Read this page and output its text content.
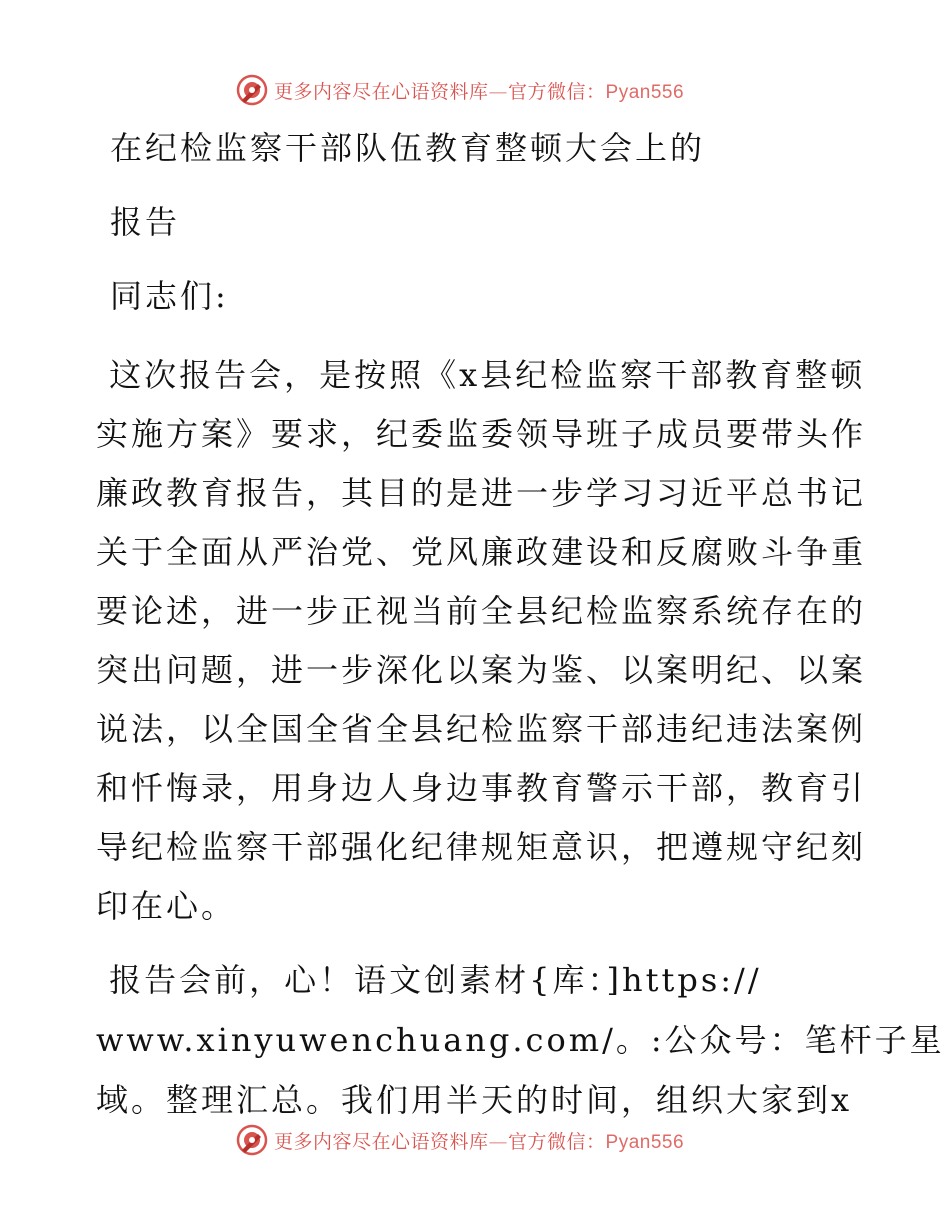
更多内容尽在心语资料库—官方微信：Pyan556

在纪检监察干部队伍教育整顿大会上的

报告

同志们:

这次报告会，是按照《x县纪检监察干部教育整顿

实施方案》要求，纪委监委领导班子成员要带头作

廉政教育报告，其目的是进一步学习习近平总书记

关于全面从严治党、党风廉政建设和反腐败斗争重

要论述，进一步正视当前全县纪检监察系统存在的

突出问题，进一步深化以案为鉴、以案明纪、以案

说法，以全国全省全县纪检监察干部违纪违法案例

和忏悔录，用身边人身边事教育警示干部，教育引

导纪检监察干部强化纪律规矩意识，把遵规守纪刻

印在心。

报告会前，心！语文创素材{库：]https://

www.xinyuwenchuang.com/。:公众号：笔杆子星

域。整理汇总。我们用半天的时间，组织大家到x

更多内容尽在心语资料库—官方微信：Pyan556
